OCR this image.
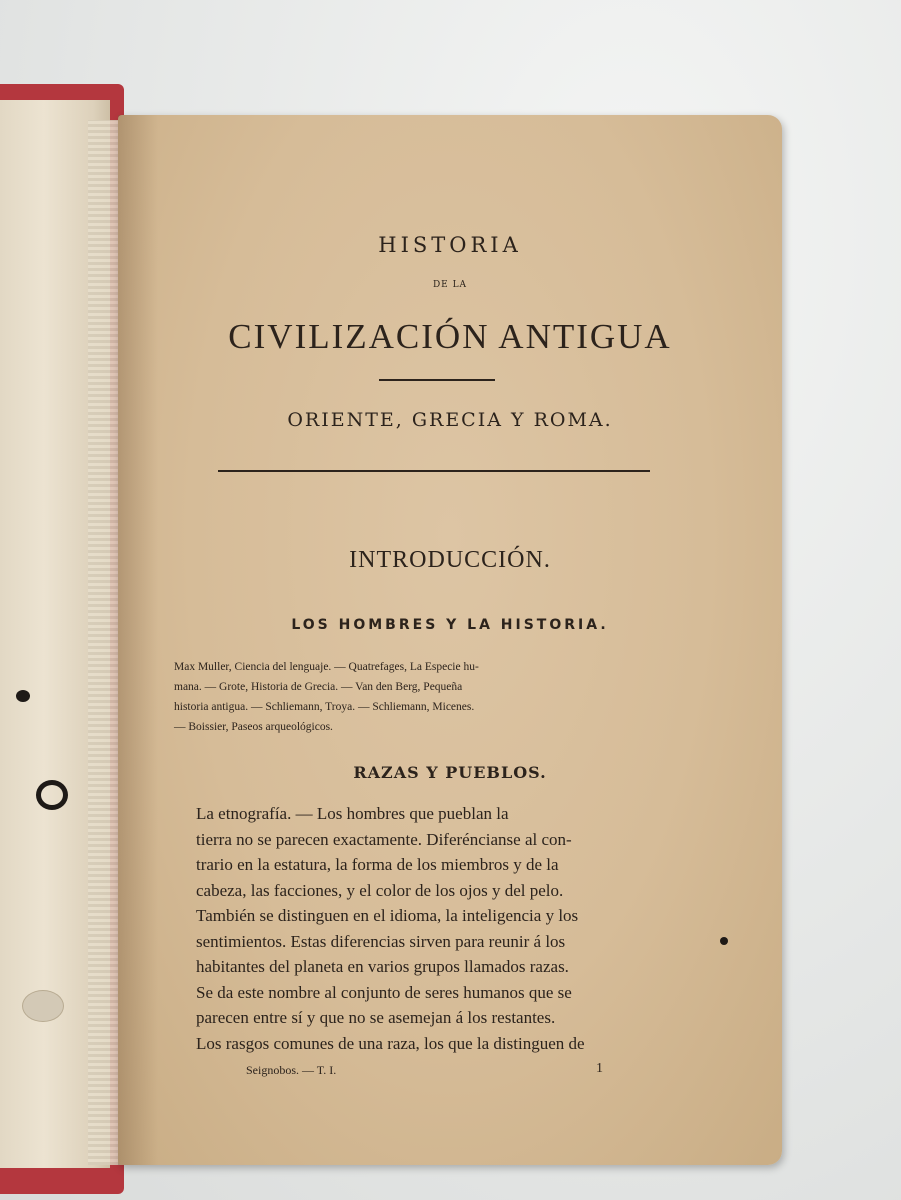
HISTORIA
DE LA
CIVILIZACIÓN ANTIGUA
ORIENTE, GRECIA Y ROMA.
INTRODUCCIÓN.
LOS HOMBRES Y LA HISTORIA.
Max Muller, Ciencia del lenguaje. — Quatrefages, La Especie hu-
mana. — Grote, Historia de Grecia. — Van den Berg, Pequeña
historia antigua. — Schliemann, Troya. — Schliemann, Micenes.
— Boissier, Paseos arqueológicos.
RAZAS Y PUEBLOS.
La etnografía. — Los hombres que pueblan la
tierra no se parecen exactamente. Diferéncianse al con-
trario en la estatura, la forma de los miembros y de la
cabeza, las facciones, y el color de los ojos y del pelo.
También se distinguen en el idioma, la inteligencia y los
sentimientos. Estas diferencias sirven para reunir á los
habitantes del planeta en varios grupos llamados razas.
Se da este nombre al conjunto de seres humanos que se
parecen entre sí y que no se asemejan á los restantes.
Los rasgos comunes de una raza, los que la distinguen de
Seignobos. — T. I.	1
